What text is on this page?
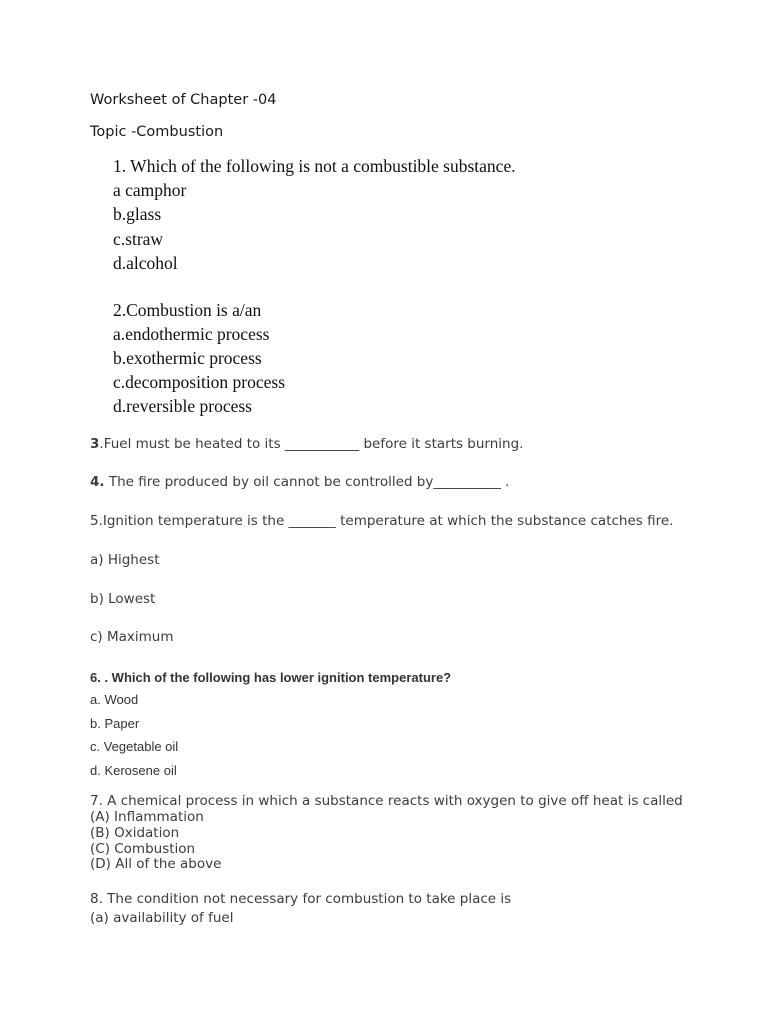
Worksheet of Chapter -04
Topic -Combustion
1. Which of the following is not a combustible substance.
a camphor
b.glass
c.straw
d.alcohol
2.Combustion is a/an
a.endothermic process
b.exothermic process
c.decomposition process
d.reversible process
3.Fuel must be heated to its ___________ before it starts burning.
4. The fire produced by oil cannot be controlled by__________ .
5.Ignition temperature is the _______ temperature at which the substance catches fire.
a) Highest
b) Lowest
c) Maximum
6. . Which of the following has lower ignition temperature?
a. Wood
b. Paper
c. Vegetable oil
d. Kerosene oil
7. A chemical process in which a substance reacts with oxygen to give off heat is called
(A) Inflammation
(B) Oxidation
(C) Combustion
(D) All of the above
8. The condition not necessary for combustion to take place is
(a) availability of fuel
